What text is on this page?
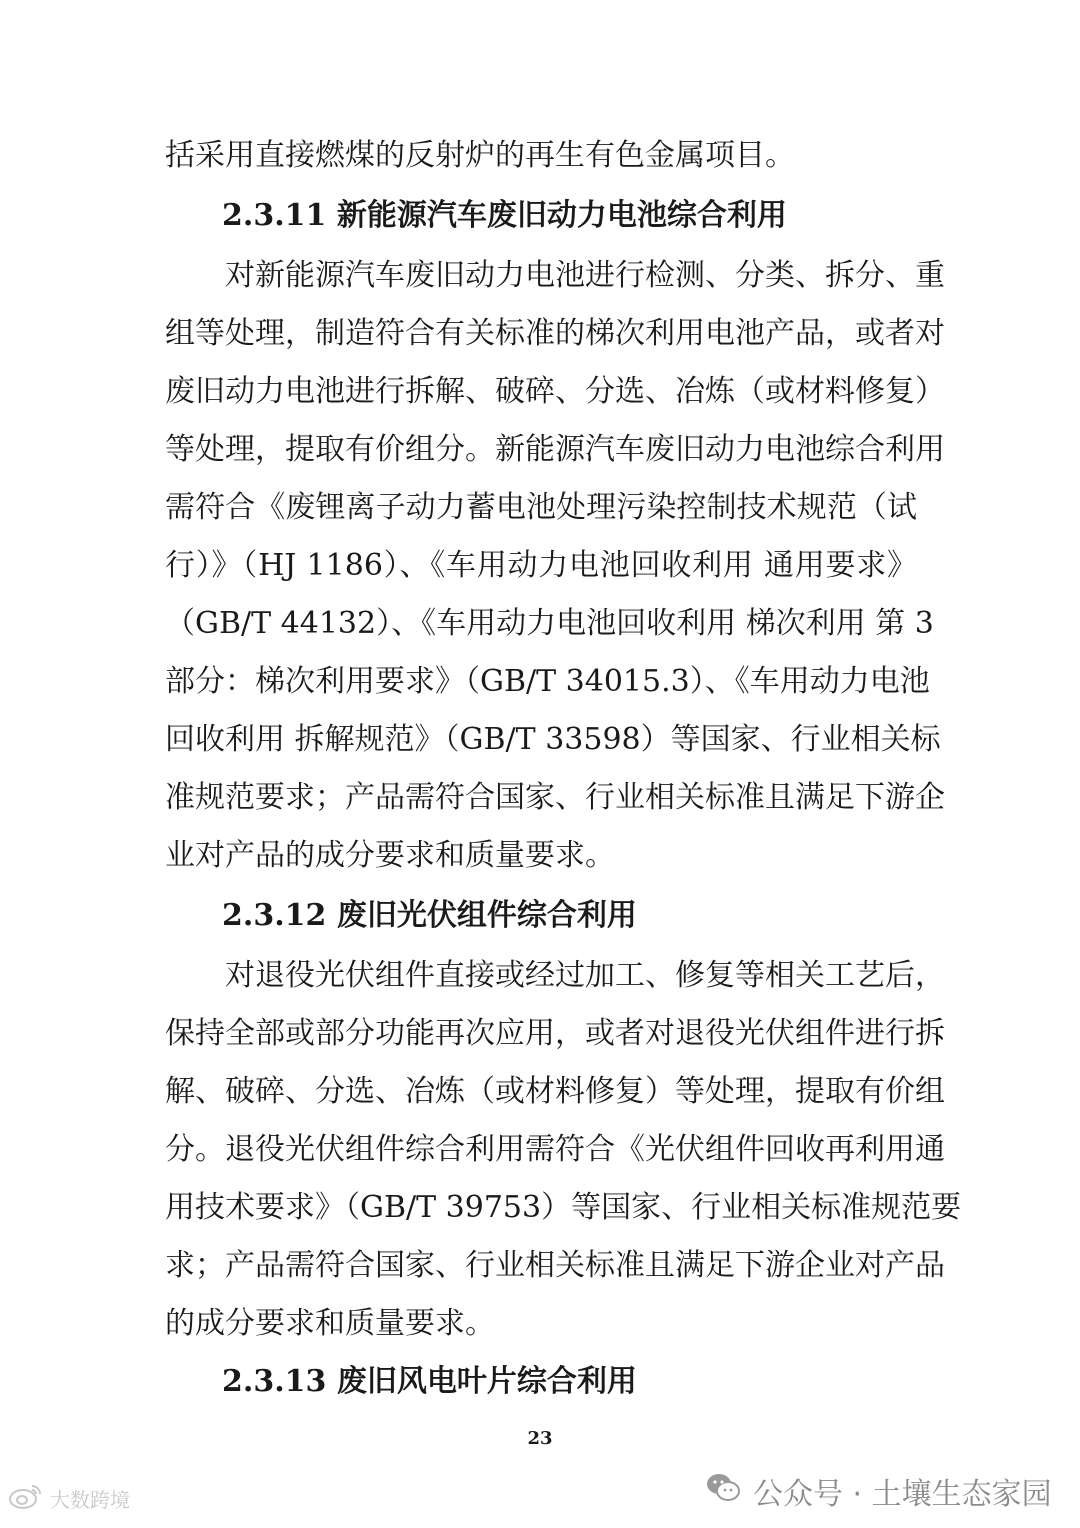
括采用直接燃煤的反射炉的再生有色金属项目。
2.3.11 新能源汽车废旧动力电池综合利用
对新能源汽车废旧动力电池进行检测、分类、拆分、重
组等处理，制造符合有关标准的梯次利用电池产品，或者对
废旧动力电池进行拆解、破碎、分选、冶炼（或材料修复）
等处理，提取有价组分。新能源汽车废旧动力电池综合利用
需符合《废锂离子动力蓄电池处理污染控制技术规范（试
行）》（HJ 1186）、《车用动力电池回收利用 通用要求》
（GB/T 44132）、《车用动力电池回收利用 梯次利用 第 3
部分：梯次利用要求》（GB/T 34015.3）、《车用动力电池
回收利用 拆解规范》（GB/T 33598）等国家、行业相关标
准规范要求；产品需符合国家、行业相关标准且满足下游企
业对产品的成分要求和质量要求。
2.3.12 废旧光伏组件综合利用
对退役光伏组件直接或经过加工、修复等相关工艺后，
保持全部或部分功能再次应用，或者对退役光伏组件进行拆
解、破碎、分选、冶炼（或材料修复）等处理，提取有价组
分。退役光伏组件综合利用需符合《光伏组件回收再利用通
用技术要求》（GB/T 39753）等国家、行业相关标准规范要
求；产品需符合国家、行业相关标准且满足下游企业对产品
的成分要求和质量要求。
2.3.13 废旧风电叶片综合利用
23
大数跨境	公众号 · 土壤生态家园
